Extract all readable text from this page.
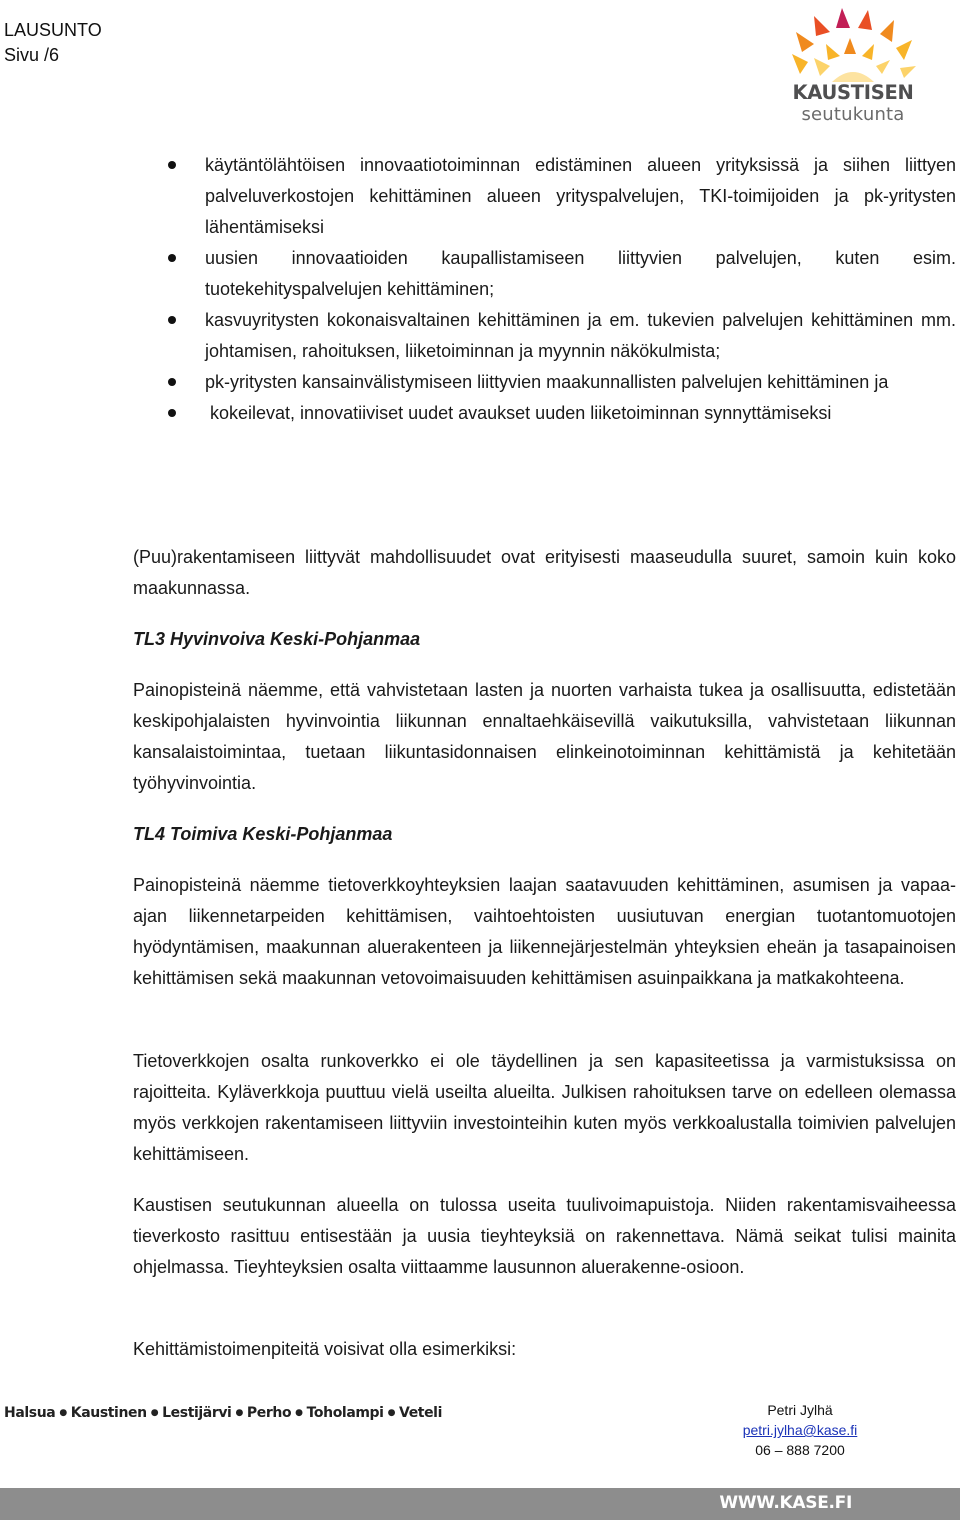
LAUSUNTO
Sivu /6
KAUSTISEN
seutukunta
käytäntölähtöisen innovaatiotoiminnan edistäminen alueen yrityksissä ja siihen liittyen palveluverkostojen kehittäminen alueen yrityspalvelujen, TKI-toimijoiden ja pk-yritysten lähentämiseksi
uusien innovaatioiden kaupallistamiseen liittyvien palvelujen, kuten esim. tuotekehityspalvelujen kehittäminen;
kasvuyritysten kokonaisvaltainen kehittäminen ja em. tukevien palvelujen kehittäminen mm. johtamisen, rahoituksen, liiketoiminnan ja myynnin näkökulmista;
pk-yritysten kansainvälistymiseen liittyvien maakunnallisten palvelujen kehittäminen ja
kokeilevat, innovatiiviset uudet avaukset uuden liiketoiminnan synnyttämiseksi

(Puu)rakentamiseen liittyvät mahdollisuudet ovat erityisesti maaseudulla suuret, samoin kuin koko maakunnassa.

TL3 Hyvinvoiva Keski-Pohjanmaa

Painopisteinä näemme, että vahvistetaan lasten ja nuorten varhaista tukea ja osallisuutta, edistetään keskipohjalaisten hyvinvointia liikunnan ennaltaehkäisevillä vaikutuksilla, vahvistetaan liikunnan kansalaistoimintaa, tuetaan liikuntasidonnaisen elinkeinotoiminnan kehittämistä ja kehitetään työhyvinvointia.

TL4 Toimiva Keski-Pohjanmaa

Painopisteinä näemme tietoverkkoyhteyksien laajan saatavuuden kehittäminen, asumisen ja vapaa-ajan liikennetarpeiden kehittämisen, vaihtoehtoisten uusiutuvan energian tuotantomuotojen hyödyntämisen, maakunnan aluerakenteen ja liikennejärjestelmän yhteyksien eheän ja tasapainoisen kehittämisen sekä maakunnan vetovoimaisuuden kehittämisen asuinpaikkana ja matkakohteena.

Tietoverkkojen osalta runkoverkko ei ole täydellinen ja sen kapasiteetissa ja varmistuksissa on rajoitteita. Kyläverkkoja puuttuu vielä useilta alueilta. Julkisen rahoituksen tarve on edelleen olemassa myös verkkojen rakentamiseen liittyviin investointeihin kuten myös verkkoalustalla toimivien palvelujen kehittämiseen.

Kaustisen seutukunnan alueella on tulossa useita tuulivoimapuistoja. Niiden rakentamisvaiheessa tieverkosto rasittuu entisestään ja uusia tieyhteyksiä on rakennettava. Nämä seikat tulisi mainita ohjelmassa. Tieyhteyksien osalta viittaamme lausunnon aluerakenne-osioon.

Kehittämistoimenpiteitä voisivat olla esimerkiksi:

Halsua ● Kaustinen ● Lestijärvi ● Perho ● Toholampi ● Veteli	Petri Jylhä
petri.jylha@kase.fi
06 – 888 7200
WWW.KASE.FI
